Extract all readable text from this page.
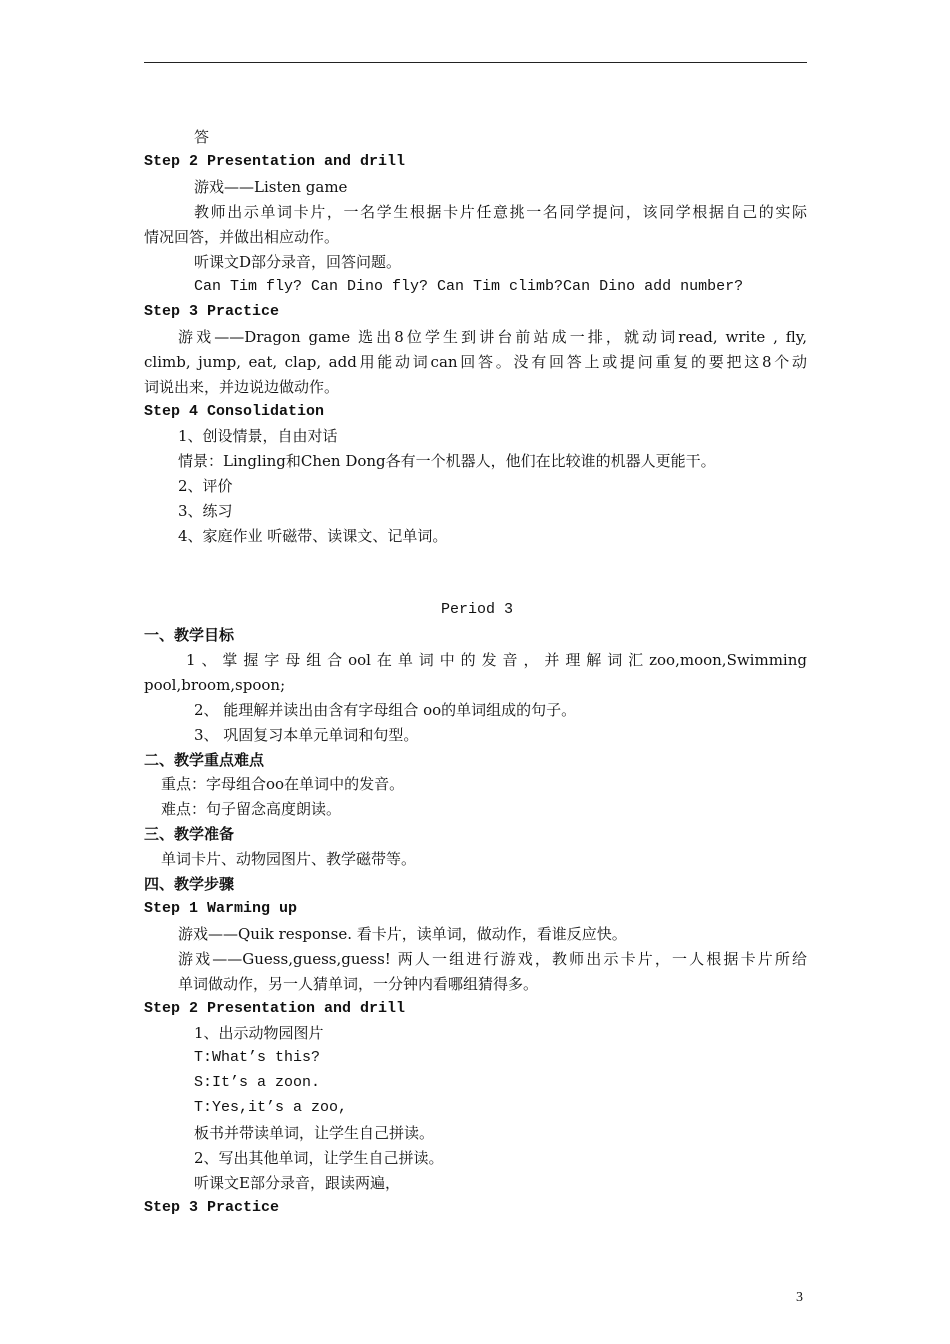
答
Step 2 Presentation and drill
游戏——Listen game
教师出示单词卡片，一名学生根据卡片任意挑一名同学提问，该同学根据自己的实际
情况回答，并做出相应动作。
听课文D部分录音，回答问题。
Can Tim fly? Can Dino fly? Can Tim climb?Can Dino add number?
Step 3 Practice
游戏——Dragon game 选出8位学生到讲台前站成一排，就动词read, write , fly,
climb, jump, eat, clap, add用能动词can回答。没有回答上或提问重复的要把这8个动
词说出来，并边说边做动作。
Step 4 Consolidation
1、创设情景，自由对话
情景：Lingling和Chen Dong各有一个机器人，他们在比较谁的机器人更能干。
2、评价
3、练习
4、家庭作业 听磁带、读课文、记单词。
Period 3
一、教学目标
1、掌握字母组合ool在单词中的发音，并理解词汇zoo,moon,Swimming
pool,broom,spoon;
2、 能理解并读出由含有字母组合 oo的单词组成的句子。
3、 巩固复习本单元单词和句型。
二、教学重点难点
重点：字母组合oo在单词中的发音。
难点：句子留念高度朗读。
三、教学准备
单词卡片、动物园图片、教学磁带等。
四、教学步骤
Step 1 Warming up
游戏——Quik response. 看卡片，读单词，做动作，看谁反应快。
游戏——Guess,guess,guess! 两人一组进行游戏，教师出示卡片，一人根据卡片所给
单词做动作，另一人猜单词，一分钟内看哪组猜得多。
Step 2 Presentation and drill
1、出示动物园图片
T:What’s this?
S:It’s a zoon.
T:Yes,it’s a zoo,
板书并带读单词，让学生自己拼读。
2、写出其他单词，让学生自己拼读。
听课文E部分录音，跟读两遍，
Step 3 Practice
3
